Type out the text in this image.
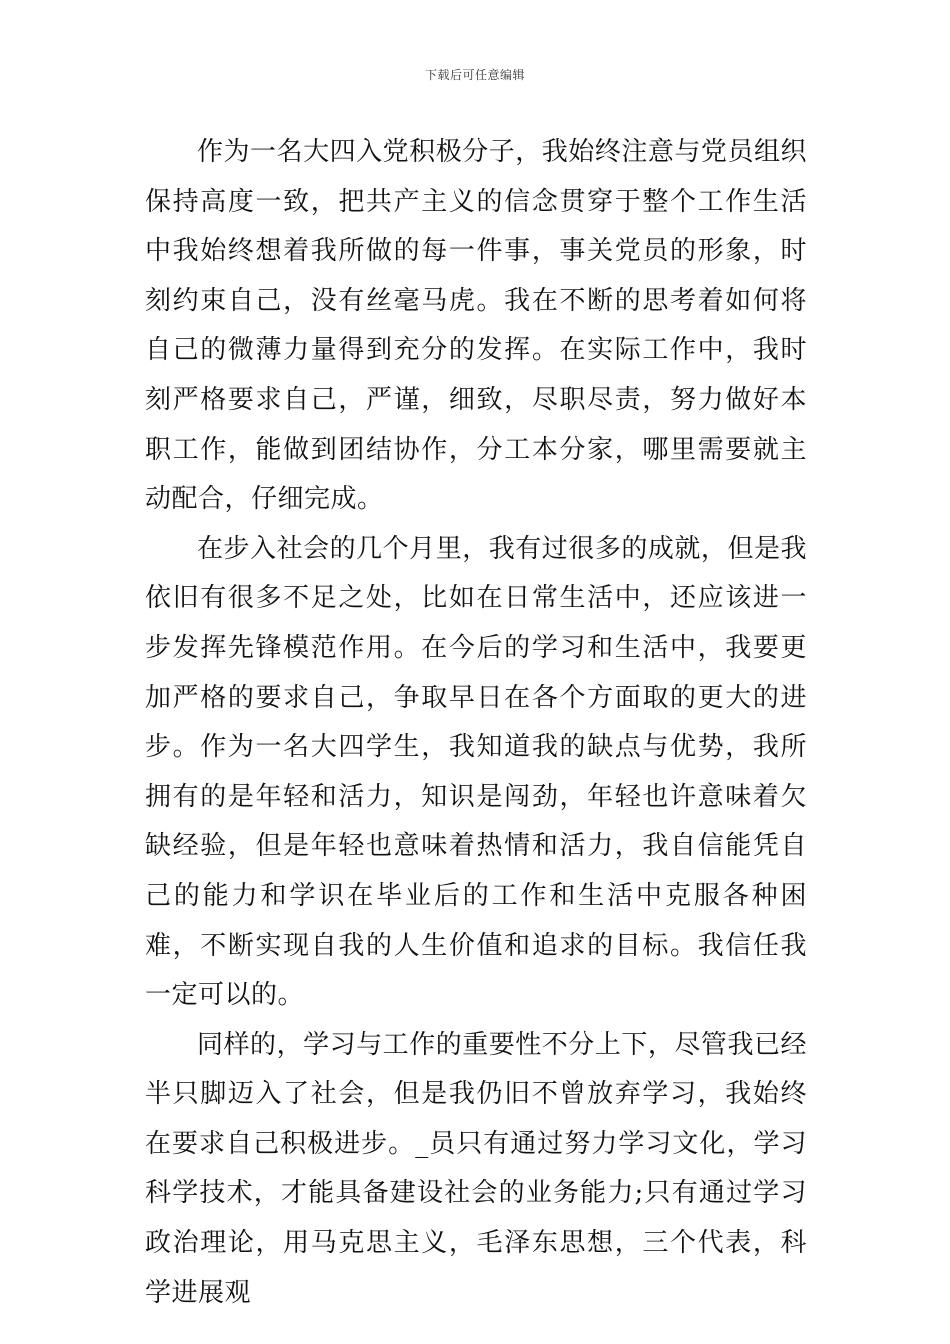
下载后可任意编辑

作为一名大四入党积极分子，我始终注意与党员组织保持高度一致，把共产主义的信念贯穿于整个工作生活中我始终想着我所做的每一件事，事关党员的形象，时刻约束自己，没有丝毫马虎。我在不断的思考着如何将自己的微薄力量得到充分的发挥。在实际工作中，我时刻严格要求自己，严谨，细致，尽职尽责，努力做好本职工作，能做到团结协作，分工本分家，哪里需要就主动配合，仔细完成。

在步入社会的几个月里，我有过很多的成就，但是我依旧有很多不足之处，比如在日常生活中，还应该进一步发挥先锋模范作用。在今后的学习和生活中，我要更加严格的要求自己，争取早日在各个方面取的更大的进步。作为一名大四学生，我知道我的缺点与优势，我所拥有的是年轻和活力，知识是闯劲，年轻也许意味着欠缺经验，但是年轻也意味着热情和活力，我自信能凭自己的能力和学识在毕业后的工作和生活中克服各种困难，不断实现自我的人生价值和追求的目标。我信任我一定可以的。

同样的，学习与工作的重要性不分上下，尽管我已经半只脚迈入了社会，但是我仍旧不曾放弃学习，我始终在要求自己积极进步。_员只有通过努力学习文化，学习科学技术，才能具备建设社会的业务能力;只有通过学习政治理论，用马克思主义，毛泽东思想，三个代表，科学进展观
